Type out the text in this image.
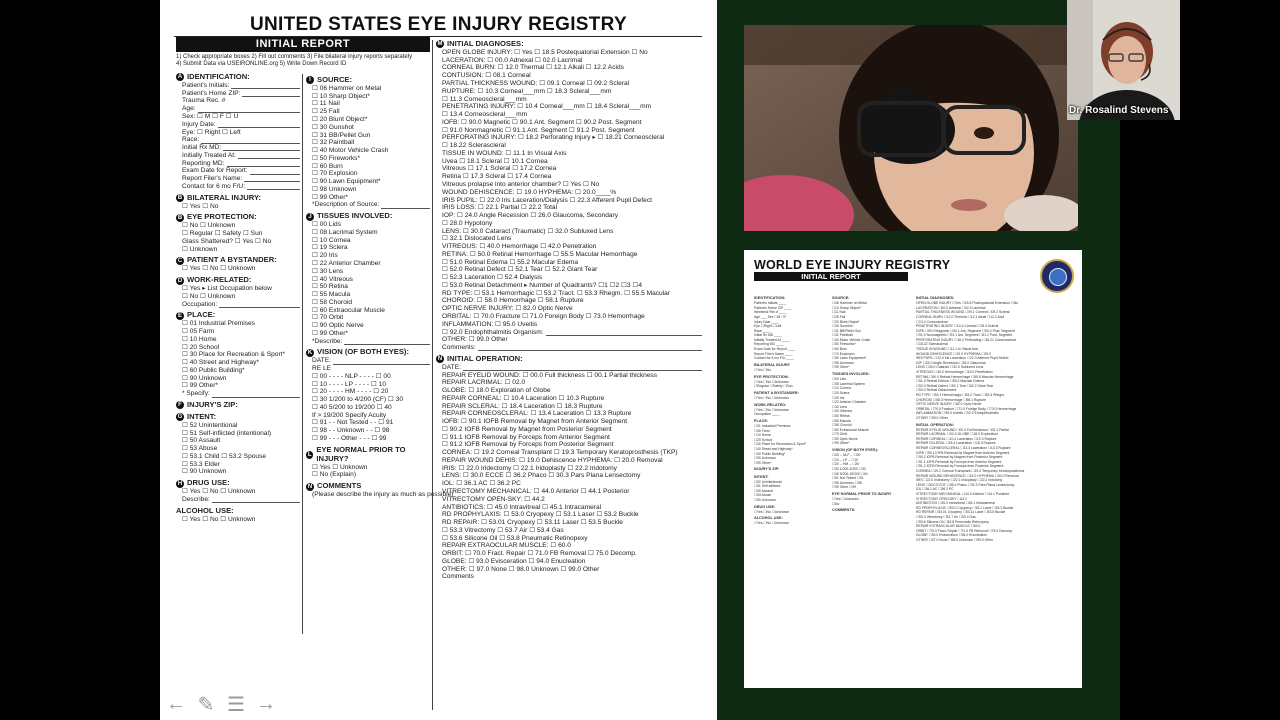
UNITED STATES EYE INJURY REGISTRY
INITIAL REPORT
1) Check appropriate boxes 2) Fill out comments 3) File bilateral injury reports separately
4) Submit Data via USEIRONLINE.org 5) Write Down Record ID
A IDENTIFICATION:
Patient's Initials:
Patient's Home ZIP:
Trauma Rec. #
Age:
Sex: ☐ M ☐ F ☐ U
Injury Date:
Eye: ☐ Right ☐ Left
Race:
Initial Rx MD:
Initially Treated At:
Reporting MD:
Exam Date for Report:
Report Filer's Name:
Contact for 6 mo F/U:
B BILATERAL INJURY:
☐ Yes ☐ No
B EYE PROTECTION:
☐ No ☐ Unknown
☐ Regular ☐ Safety ☐ Sun
Glass Shattered? ☐ Yes ☐ No
☐ Unknown
C PATIENT A BYSTANDER:
☐ Yes ☐ No ☐ Unknown
D WORK-RELATED:
☐ Yes ▸ List Occupation below
☐ No ☐ Unknown
Occupation:
E PLACE:
☐ 01 Industrial Premises
☐ 05 Farm
☐ 10 Home
☐ 20 School
☐ 30 Place for Recreation & Sport*
☐ 40 Street and Highway*
☐ 60 Public Building*
☐ 90 Unknown
☐ 99 Other*
* Specify:
F INJURY'S ZIP:
G INTENT:
☐ 52 Unintentional
☐ 51 Self-inflicted (intentional)
☐ 50 Assault
☐ 53 Abuse
☐ 53.1 Child ☐ 53.2 Spouse
☐ 53.3 Elder
☐ 90 Unknown
H DRUG USE:
☐ Yes ☐ No ☐ Unknown
Describe:
ALCOHOL USE:
☐ Yes ☐ No ☐ Unknown
I SOURCE:
☐ 06 Hammer on Metal
☐ 10 Sharp Object*
☐ 11 Nail
☐ 25 Fall
☐ 20 Blunt Object*
☐ 30 Gunshot
☐ 31 BB/Pellet Gun
☐ 32 Paintball
☐ 40 Motor Vehicle Crash
☐ 50 Fireworks*
☐ 60 Burn
☐ 70 Explosion
☐ 90 Lawn Equipment*
☐ 98 Unknown
☐ 99 Other*
*Description of Source:
J TISSUES INVOLVED:
☐ 00 Lids
☐ 08 Lacrimal System
☐ 10 Cornea
☐ 19 Sclera
☐ 20 Iris
☐ 22 Anterior Chamber
☐ 30 Lens
☐ 40 Vitreous
☐ 50 Retina
☐ 55 Macula
☐ 58 Choroid
☐ 60 Extraocular Muscle
☐ 70 Orbit
☐ 90 Optic Nerve
☐ 99 Other*
*Describe:
K VISION (OF BOTH EYES):
DATE:
RE LE
☐ 00 - - - - NLP - - - - ☐ 00
☐ 10 - - - - LP - - - - ☐ 10
☐ 20 - - - - HM - - - - ☐ 20
☐ 30 1/200 to 4/200 (CF) ☐ 30
☐ 40 5/200 to 19/200 ☐ 40
If > 19/200 Specify Acuity
☐ 91 - - Not Tested - - ☐ 91
☐ 98 - - Unknown - - ☐ 98
☐ 99 - - - Other - - - ☐ 99
L
EYE NORMAL PRIOR TO INJURY?
☐ Yes ☐ Unknown
☐ No (Explain)
N COMMENTS
(Please describe the injury as much as possible)
M INITIAL DIAGNOSES:
OPEN GLOBE INJURY: ☐ Yes ☐ 18.5 Postequatorial Extension ☐ No
LACERATION: ☐ 00.0 Adnexal ☐ 02.0 Lacrimal
CORNEAL BURN: ☐ 12.0 Thermal ☐ 12.1 Alkali ☐ 12.2 Acids
CONTUSION: ☐ 08.1 Corneal
PARTIAL THICKNESS WOUND: ☐ 09.1 Corneal ☐ 09.2 Scleral
RUPTURE: ☐ 10.3 Corneal___mm ☐ 18.3 Scleral___mm
☐ 11.3 Corneoscleral___mm
PENETRATING INJURY: ☐ 10.4 Corneal___mm ☐ 18.4 Scleral___mm
☐ 13.4 Corneoscleral___mm
IOFB: ☐ 90.0 Magnetic ☐ 90.1 Ant. Segment ☐ 90.2 Post. Segment
☐ 91.0 Nonmagnetic ☐ 91.1 Ant. Segment ☐ 91.2 Post. Segment
PERFORATING INJURY: ☐ 18.2 Perforating Injury ▸ ☐ 18.21 Corneoscleral
☐ 18.22 Sclerascleral
TISSUE IN WOUND: ☐ 11.1 In Visual Axis
Uvea ☐ 18.1 Scleral ☐ 10.1 Cornea
Vitreous ☐ 17.1 Scleral ☐ 17.2 Cornea
Retina ☐ 17.3 Scleral ☐ 17.4 Cornea
Vitreous prolapse into anterior chamber? ☐ Yes ☐ No
WOUND DEHISCENCE: ☐ 19.0 HYPHEMA: ☐ 20.0____%
IRIS PUPIL: ☐ 22.0 Iris Laceration/Dialysis ☐ 22.3 Afferent Pupil Defect
IRIS LOSS: ☐ 22.1 Partial ☐ 22.2 Total
IOP: ☐ 24.0 Angle Recession ☐ 26.0 Glaucoma, Secondary
☐ 28.0 Hypotony
LENS: ☐ 30.0 Cataract (Traumatic) ☐ 32.0 Subluxed Lens
☐ 32.1 Dislocated Lens
VITREOUS: ☐ 40.0 Hemorrhage ☐ 42.0 Penetration
RETINA: ☐ 50.0 Retinal Hemorrhage ☐ 55.5 Macular Hemorrhage
☐ 51.0 Retinal Edema ☐ 55.2 Macular Edema
☐ 52.0 Retinal Defect ☐ 52.1 Tear ☐ 52.2 Giant Tear
☐ 52.3 Laceration ☐ 52.4 Dialysis
☐ 53.0 Retinal Detachment ▸ Number of Quadrants? ☐1 ☐2 ☐3 ☐4
RD TYPE: ☐ 53.1 Hemorrhagic ☐ 53.2 Tract. ☐ 53.3 Rhegm. ☐ 55.5 Macular
CHOROID: ☐ 58.0 Hemorrhage ☐ 58.1 Rupture
OPTIC NERVE INJURY: ☐ 82.0 Optic Nerve
ORBITAL: ☐ 70.0 Fracture ☐ 71.0 Foreign Body ☐ 73.0 Hemorrhage
INFLAMMATION: ☐ 95.0 Uveitis
☐ 92.0 Endophthalmitis Organism:
OTHER: ☐ 99.0 Other
Comments:
N INITIAL OPERATION:
DATE:
REPAIR EYELID WOUND: ☐ 00.0 Full thickness ☐ 00.1 Partial thickness
REPAIR LACRIMAL: ☐ 02.0
GLOBE: ☐ 18.0 Exploration of Globe
REPAIR CORNEAL: ☐ 10.4 Laceration ☐ 10.3 Rupture
REPAIR SCLERAL: ☐ 18.4 Laceration ☐ 18.3 Rupture
REPAIR CORNEOSCLERAL: ☐ 13.4 Laceration ☐ 13.3 Rupture
IOFB: ☐ 90.1 IOFB Removal by Magnet from Anterior Segment
☐ 90.2 IOFB Removal by Magnet from Posterior Segment
☐ 91.1 IOFB Removal by Forceps from Anterior Segment
☐ 91.2 IOFB Removal by Forceps from Posterior Segment
CORNEA: ☐ 19.2 Corneal Transplant ☐ 19.3 Temporary Keratoprosthesis (TKP)
REPAIR WOUND DEHIS: ☐ 19.0 Dehiscence HYPHEMA: ☐ 20.0 Removal
IRIS: ☐ 22.0 Iridectomy ☐ 22.1 Iridoplasty ☐ 22.2 Iridotomy
LENS: ☐ 30.0 ECCE ☐ 36.2 Phaco ☐ 30.3 Pars Plana Lensectomy
IOL: ☐ 36.1 AC ☐ 36.2 PC
VITRECTOMY MECHANICAL: ☐ 44.0 Anterior ☐ 44.1 Posterior
VITRECTOMY OPEN-SKY: ☐ 44.2
ANTIBIOTICS: ☐ 45.0 Intravitreal ☐ 45.1 Intracameral
RD PROPHYLAXIS: ☐ 53.0 Cryopexy ☐ 53.1 Laser ☐ 53.2 Buckle
RD REPAIR: ☐ 53.01 Cryopexy ☐ 53.11 Laser ☐ 53.5 Buckle
☐ 53.3 Vitrectomy ☐ 53.7 Air ☐ 53.4 Gas
☐ 53.6 Silicone Oil ☐ 53.8 Pneumatic Retinopexy
REPAIR EXTRAOCULAR MUSCLE: ☐ 60.0
ORBIT: ☐ 70.0 Fract. Repair ☐ 71.0 FB Removal ☐ 75.0 Decomp.
GLOBE: ☐ 93.0 Evisceration ☐ 94.0 Enucleation
OTHER: ☐ 97.0 None ☐ 98.0 Unknown ☐ 99.0 Other
Comments
← ✎ ☰ →
WORLD EYE INJURY REGISTRY
INITIAL REPORT
IDENTIFICATION:
Patient's Initials ____
Patient's Home ZIP ____
Weekend Rec # ____
Age ___ Sex ☐M ☐F
Injury Date ____
Eye ☐Right ☐Left
Race ____
Initial Rx MD ____
Initially Treated At ____
Reporting MD ____
Exam Date for Report ____
Report Filer's Name ____
Contact for 6 mo F/U ____
BILATERAL INJURY
☐Yes ☐No
EYE PROTECTION:
☐Yes ☐No ☐Unknown
☐Regular ☐Safety ☐Sun
PATIENT A BYSTANDER:
☐Yes ☐No ☐Unknown
WORK-RELATED:
☐Yes ☐No ☐Unknown
Occupation ____
PLACE:
☐01 Industrial Premises
☐05 Farm
☐10 Home
☐20 School
☐30 Place for Recreation & Sport*
☐40 Street and Highway*
☐60 Public Building*
☐90 Unknown
☐99 Other*
INJURY'S ZIP:
INTENT:
☐52 Unintentional
☐51 Self-inflicted
☐50 Assault
☐53 Abuse
☐90 Unknown
DRUG USE:
☐Yes ☐No ☐Unknown
ALCOHOL USE:
☐Yes ☐No ☐Unknown
SOURCE:
☐06 Hammer on Metal
☐10 Sharp Object*
☐11 Nail
☐25 Fall
☐20 Blunt Object*
☐30 Gunshot
☐31 BB/Pellet Gun
☐32 Paintball
☐40 Motor Vehicle Crash
☐50 Fireworks*
☐60 Burn
☐70 Explosion
☐90 Lawn Equipment*
☐98 Unknown
☐99 Other*
TISSUES INVOLVED:
☐00 Lids
☐08 Lacrimal System
☐10 Cornea
☐19 Sclera
☐20 Iris
☐22 Anterior Chamber
☐30 Lens
☐40 Vitreous
☐50 Retina
☐55 Macula
☐58 Choroid
☐60 Extraocular Muscle
☐70 Orbit
☐90 Optic Nerve
☐99 Other*
VISION (OF BOTH EYES):
☐00 -- NLP -- ☐00
☐10 -- LP -- ☐10
☐20 -- HM -- ☐20
☐30 1/200-4/200 ☐30
☐40 5/200-19/200 ☐40
☐91 Not Tested ☐91
☐98 Unknown ☐98
☐99 Other ☐99
EYE NORMAL PRIOR TO INJURY
☐Yes ☐Unknown
☐No
COMMENTS:
INITIAL DIAGNOSES:
OPEN GLOBE INJURY ☐Yes ☐18.5 Postequatorial Extension ☐No
LACERATION ☐00.0 Adnexal ☐02.0 Lacrimal
PARTIAL THICKNESS WOUND ☐09.1 Corneal ☐09.2 Scleral
CORNEAL BURN ☐12.0 Thermal ☐12.1 Alkali ☐12.2 Acid
☐13.4 Corneoscleral
PENETRATING INJURY ☐10.4 Corneal ☐18.4 Scleral
IOFB ☐90.0 Magnetic ☐90.1 Ant. Segment ☐90.2 Post. Segment
☐91.0 Nonmagnetic ☐91.1 Ant. Segment ☐91.2 Post. Segment
PERFORATING INJURY ☐18.2 Perforating ☐18.21 Corneoscleral
☐18.22 Sclerascleral
TISSUE IN WOUND ☐11.1 In Visual Axis
WOUND DEHISCENCE ☐19.0 HYPHEMA ☐20.0
IRIS PUPIL ☐22.0 Iris Laceration ☐22.3 Afferent Pupil Defect
IOP ☐24.0 Angle Recession ☐26.0 Glaucoma
LENS ☐30.0 Cataract ☐32.0 Subluxed Lens
VITREOUS ☐40.0 Hemorrhage ☐42.0 Penetration
RETINA ☐50.0 Retinal Hemorrhage ☐55.5 Macular Hemorrhage
☐51.0 Retinal Edema ☐55.2 Macular Edema
☐52.0 Retinal Defect ☐52.1 Tear ☐52.2 Giant Tear
☐53.0 Retinal Detachment
RD TYPE ☐53.1 Hemorrhagic ☐53.2 Tract. ☐53.3 Rhegm.
CHOROID ☐58.0 Hemorrhage ☐58.1 Rupture
OPTIC NERVE INJURY ☐82.0 Optic Nerve
ORBITAL ☐70.0 Fracture ☐71.0 Foreign Body ☐73.0 Hemorrhage
INFLAMMATION ☐95.0 Uveitis ☐92.0 Endophthalmitis
OTHER ☐99.0 Other
INITIAL OPERATION:
REPAIR EYELID WOUND ☐00.0 Full thickness ☐00.1 Partial
REPAIR LACRIMAL ☐02.0 GLOBE ☐18.0 Exploration
REPAIR CORNEAL ☐10.4 Laceration ☐10.3 Rupture
REPAIR SCLERAL ☐18.4 Laceration ☐18.3 Rupture
REPAIR CORNEOSCLERAL ☐13.4 Laceration ☐13.3 Rupture
IOFB ☐90.1 IOFB Removal by Magnet from Anterior Segment
☐90.2 IOFB Removal by Magnet from Posterior Segment
☐91.1 IOFB Removal by Forceps from Anterior Segment
☐91.2 IOFB Removal by Forceps from Posterior Segment
CORNEA ☐19.2 Corneal Transplant ☐19.3 Temporary Keratoprosthesis
REPAIR WOUND DEHISCENCE ☐19.0 HYPHEMA ☐20.0 Removal
IRIS ☐22.0 Iridectomy ☐22.1 Iridoplasty ☐22.2 Iridotomy
LENS ☐30.0 ECCE ☐36.2 Phaco ☐30.3 Pars Plana Lensectomy
IOL ☐36.1 AC ☐36.2 PC
VITRECTOMY MECHANICAL ☐44.0 Anterior ☐44.1 Posterior
VITRECTOMY OPEN-SKY ☐44.2
ANTIBIOTICS ☐45.0 Intravitreal ☐45.1 Intracameral
RD PROPHYLAXIS ☐53.0 Cryopexy ☐53.1 Laser ☐53.2 Buckle
RD REPAIR ☐53.01 Cryopexy ☐53.11 Laser ☐53.5 Buckle
☐53.3 Vitrectomy ☐53.7 Air ☐53.4 Gas
☐53.6 Silicone Oil ☐53.8 Pneumatic Retinopexy
REPAIR EXTRAOCULAR MUSCLE ☐60.0
ORBIT ☐70.0 Fract. Repair ☐71.0 FB Removal ☐75.0 Decomp.
GLOBE ☐93.0 Evisceration ☐94.0 Enucleation
OTHER ☐97.0 None ☐98.0 Unknown ☐99.0 Other
Dr. Rosalind Stevens
